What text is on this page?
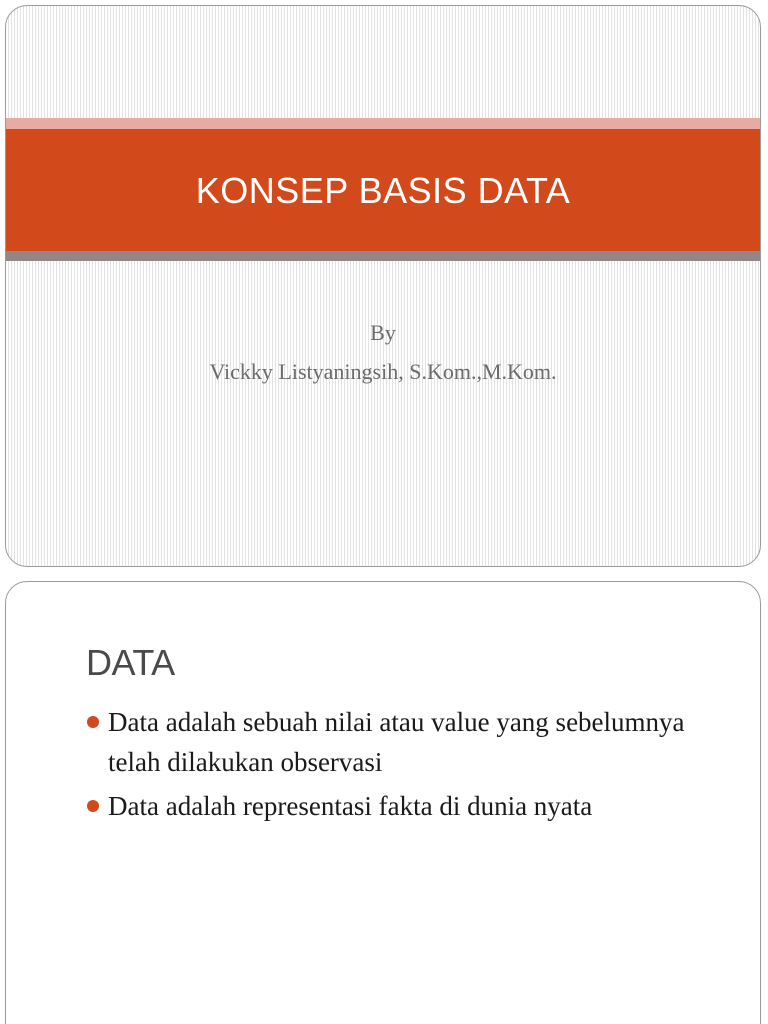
KONSEP BASIS DATA
By
Vickky Listyaningsih, S.Kom.,M.Kom.
DATA
Data adalah sebuah nilai atau value yang sebelumnya telah dilakukan observasi
Data adalah representasi fakta di dunia nyata
